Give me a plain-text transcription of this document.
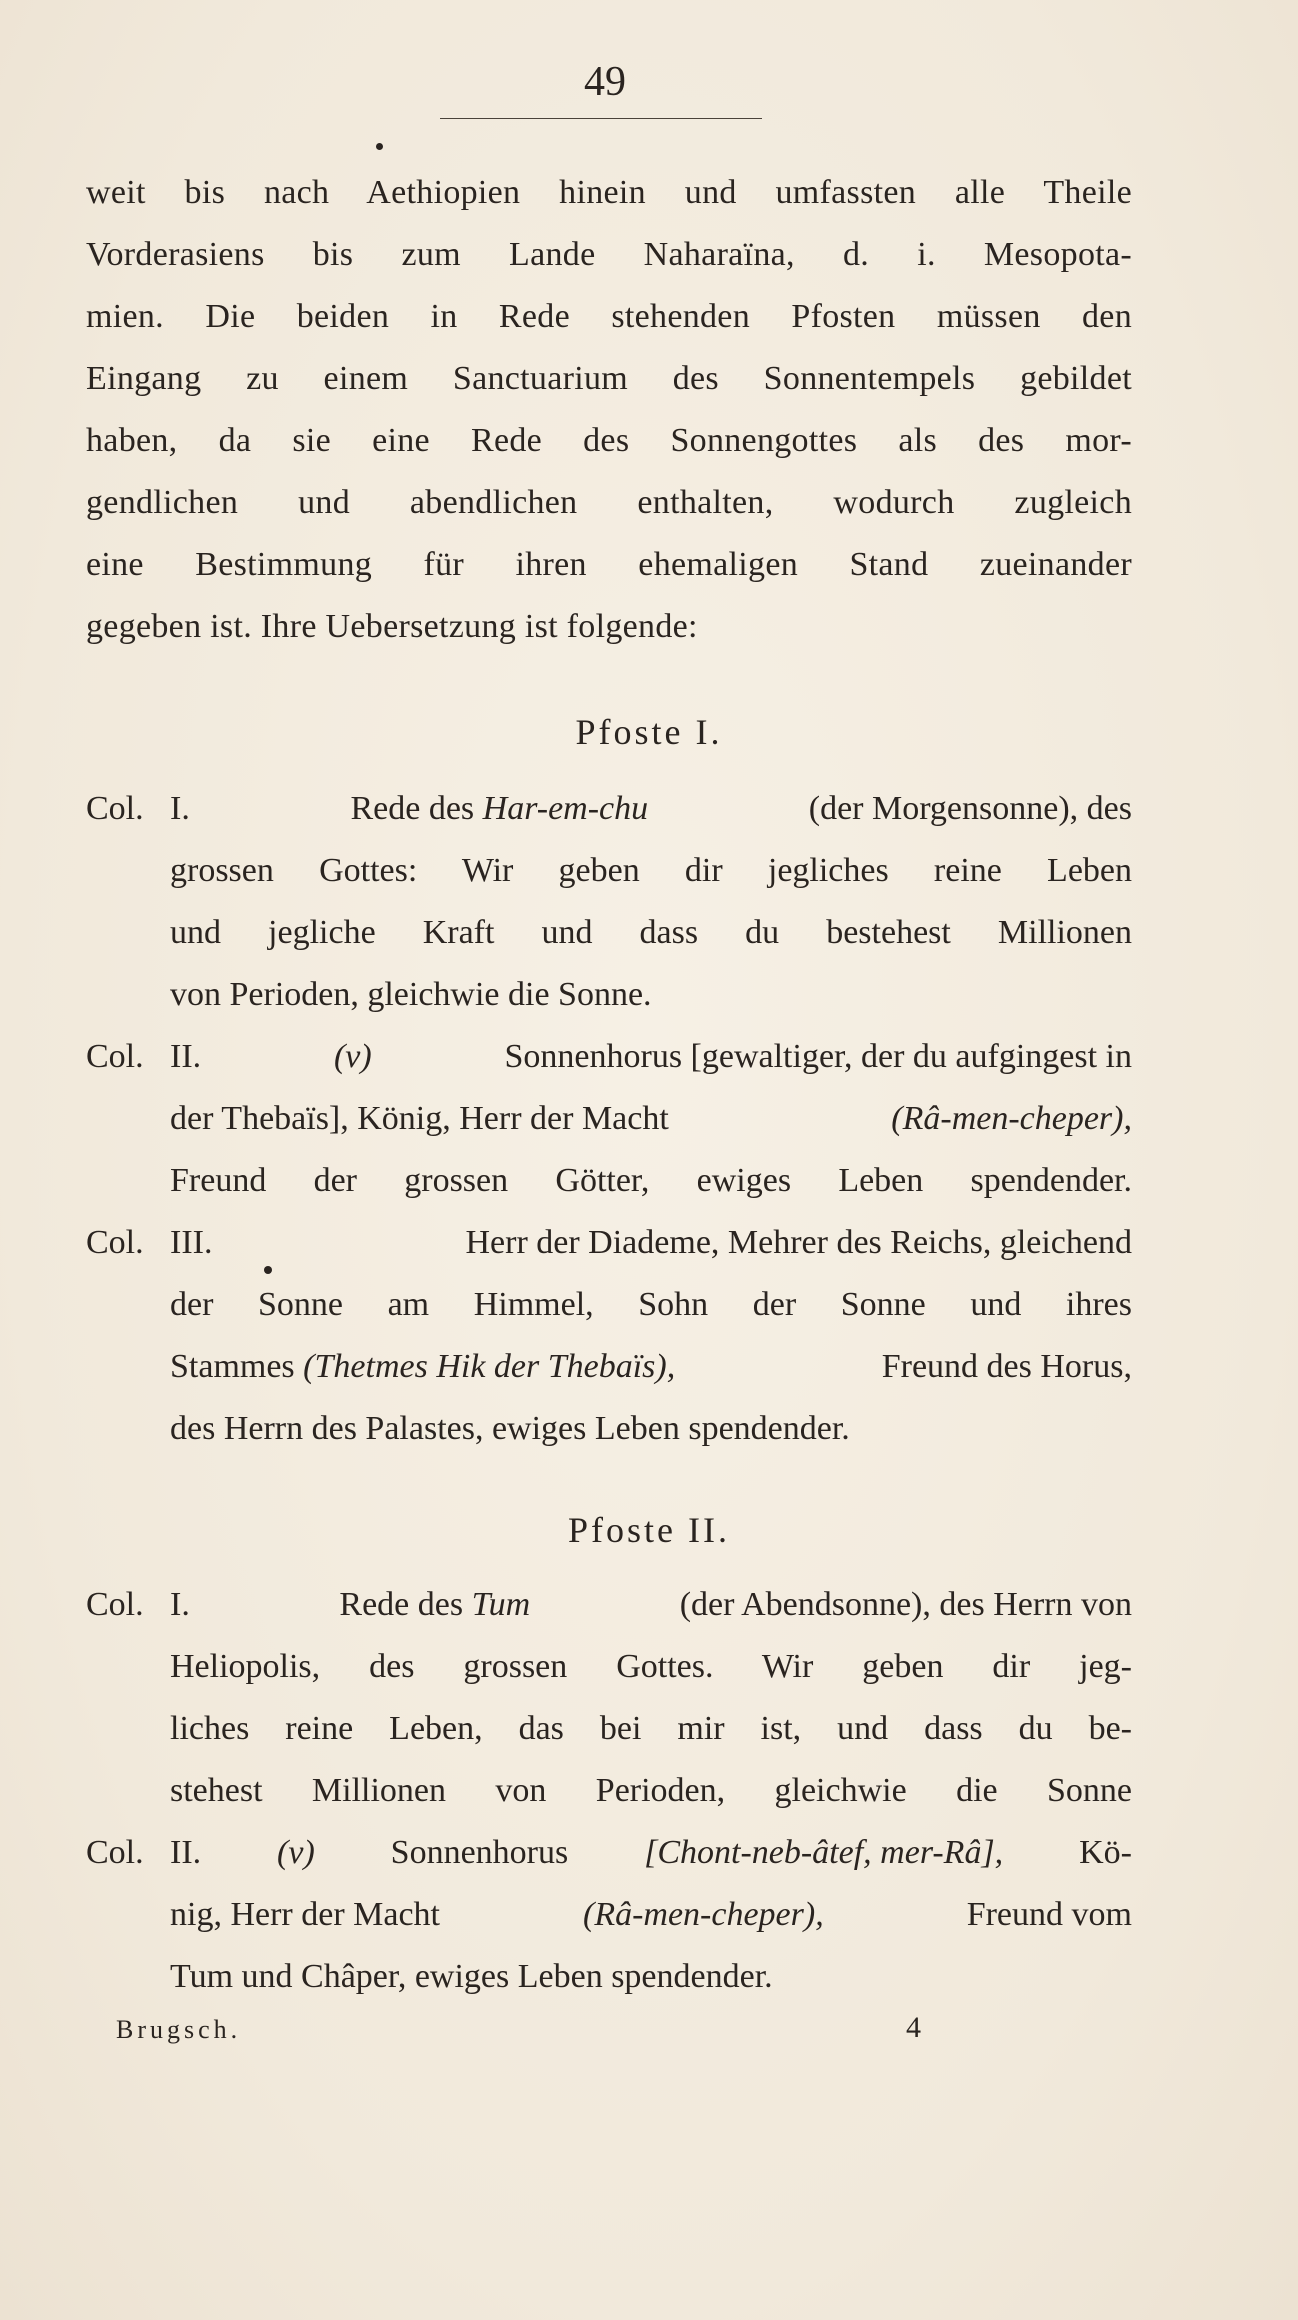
49
weit bis nach Aethiopien hinein und umfassten alle Theile
Vorderasiens bis zum Lande Naharaïna, d. i. Mesopota-
mien. Die beiden in Rede stehenden Pfosten müssen den
Eingang zu einem Sanctuarium des Sonnentempels gebildet
haben, da sie eine Rede des Sonnengottes als des mor-
gendlichen und abendlichen enthalten, wodurch zugleich
eine Bestimmung für ihren ehemaligen Stand zueinander
gegeben ist. Ihre Uebersetzung ist folgende:
Pfoste I.
Col. I.	Rede des Har-em-chu	(der Morgensonne), des
grossen Gottes: Wir geben dir jegliches reine Leben
und jegliche Kraft und dass du bestehest Millionen
von Perioden, gleichwie die Sonne.
Col. II.	(v)	Sonnenhorus [gewaltiger, der du aufgingest in
der Thebaïs], König, Herr der Macht	(Râ-men-cheper),
Freund der grossen Götter, ewiges Leben spendender.
Col. III.	Herr der Diademe, Mehrer des Reichs, gleichend
der Sonne am Himmel, Sohn der Sonne und ihres
Stammes (Thetmes Hik der Thebaïs),	Freund des Horus,
des Herrn des Palastes, ewiges Leben spendender.
Pfoste II.
Col. I.	Rede des Tum	(der Abendsonne), des Herrn von
Heliopolis, des grossen Gottes. Wir geben dir jeg-
liches reine Leben, das bei mir ist, und dass du be-
stehest Millionen von Perioden, gleichwie die Sonne
Col. II. (v) Sonnenhorus [Chont-neb-âtef, mer-Râ], Kö-
nig, Herr der Macht	(Râ-men-cheper),	Freund vom
Tum und Châper, ewiges Leben spendender.
Brugsch.	4
